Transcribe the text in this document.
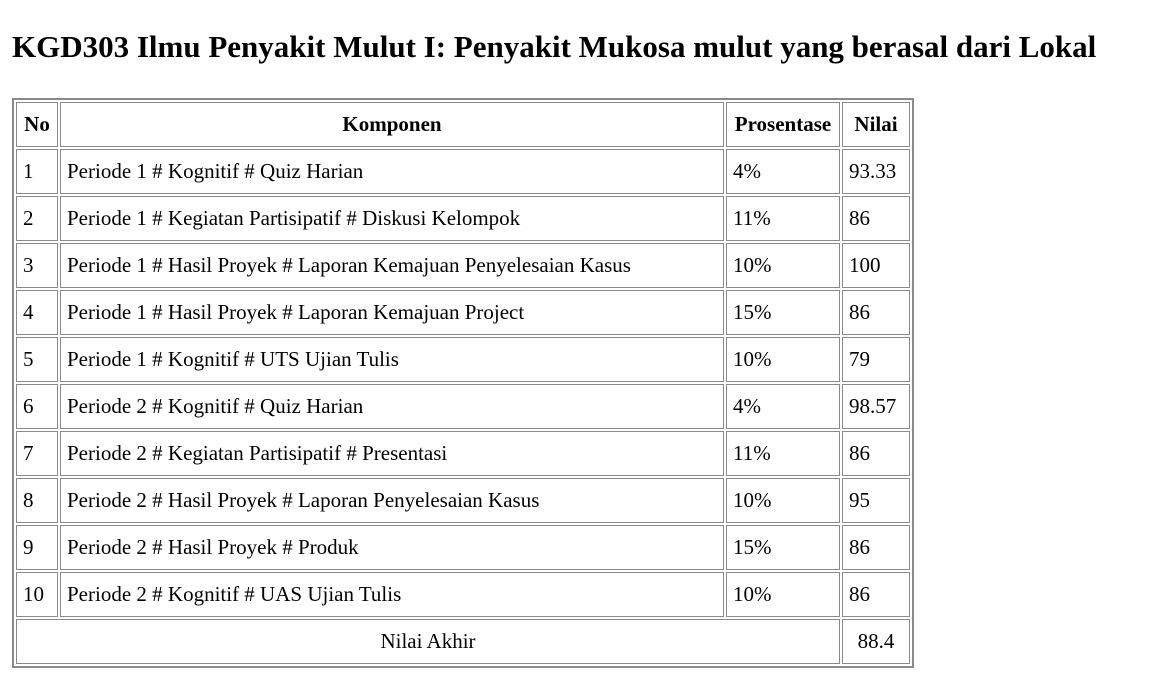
KGD303 Ilmu Penyakit Mulut I: Penyakit Mukosa mulut yang berasal dari Lokal
No	Komponen	Prosentase	Nilai
1	Periode 1 # Kognitif # Quiz Harian	4%	93.33
2	Periode 1 # Kegiatan Partisipatif # Diskusi Kelompok	11%	86
3	Periode 1 # Hasil Proyek # Laporan Kemajuan Penyelesaian Kasus	10%	100
4	Periode 1 # Hasil Proyek # Laporan Kemajuan Project	15%	86
5	Periode 1 # Kognitif # UTS Ujian Tulis	10%	79
6	Periode 2 # Kognitif # Quiz Harian	4%	98.57
7	Periode 2 # Kegiatan Partisipatif # Presentasi	11%	86
8	Periode 2 # Hasil Proyek # Laporan Penyelesaian Kasus	10%	95
9	Periode 2 # Hasil Proyek # Produk	15%	86
10	Periode 2 # Kognitif # UAS Ujian Tulis	10%	86
Nilai Akhir			88.4
